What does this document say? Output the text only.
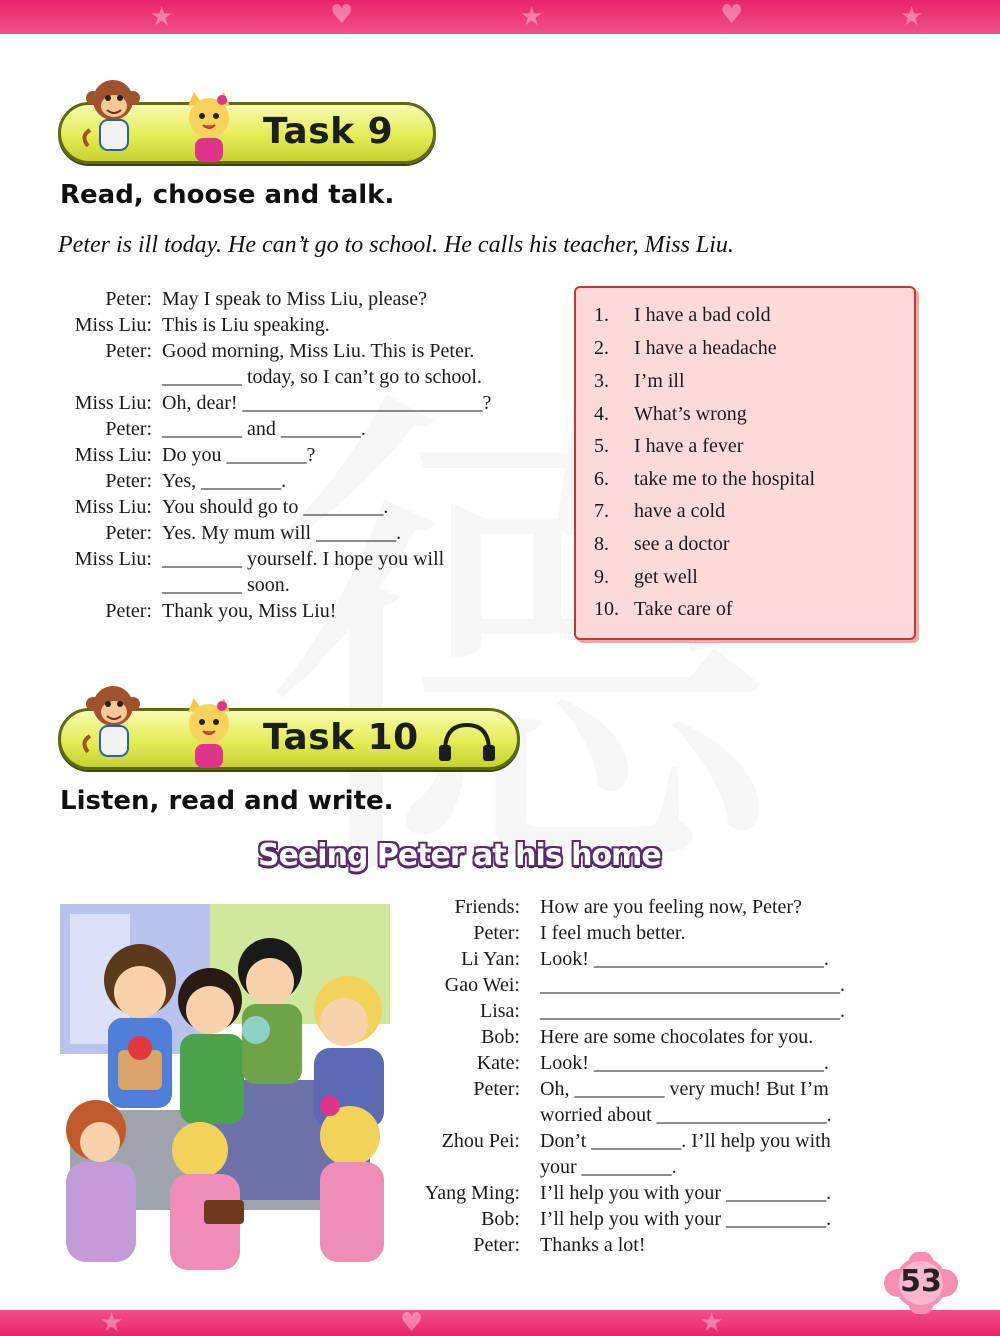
★	♥	★	♥	★
★	♥	★
Task 9
Read, choose and talk.
Peter is ill today. He can’t go to school. He calls his teacher, Miss Liu.
Peter: May I speak to Miss Liu, please?
Miss Liu: This is Liu speaking.
Peter: Good morning, Miss Liu. This is Peter.
________ today, so I can’t go to school.
Miss Liu: Oh, dear! ________________________?
Peter: ________ and ________.
Miss Liu: Do you ________?
Peter: Yes, ________.
Miss Liu: You should go to ________.
Peter: Yes. My mum will ________.
Miss Liu: ________ yourself. I hope you will
________ soon.
Peter: Thank you, Miss Liu!
1. I have a bad cold
2. I have a headache
3. I’m ill
4. What’s wrong
5. I have a fever
6. take me to the hospital
7. have a cold
8. see a doctor
9. get well
10. Take care of
Task 10
Listen, read and write.
Seeing Peter at his home
Friends: How are you feeling now, Peter?
Peter: I feel much better.
Li Yan: Look! _______________________.
Gao Wei: ______________________________.
Lisa: ______________________________.
Bob: Here are some chocolates for you.
Kate: Look! _______________________.
Peter: Oh, _________ very much! But I’m
worried about _________________.
Zhou Pei: Don’t _________. I’ll help you with
your _________.
Yang Ming: I’ll help you with your __________.
Bob: I’ll help you with your __________.
Peter: Thanks a lot!
53
